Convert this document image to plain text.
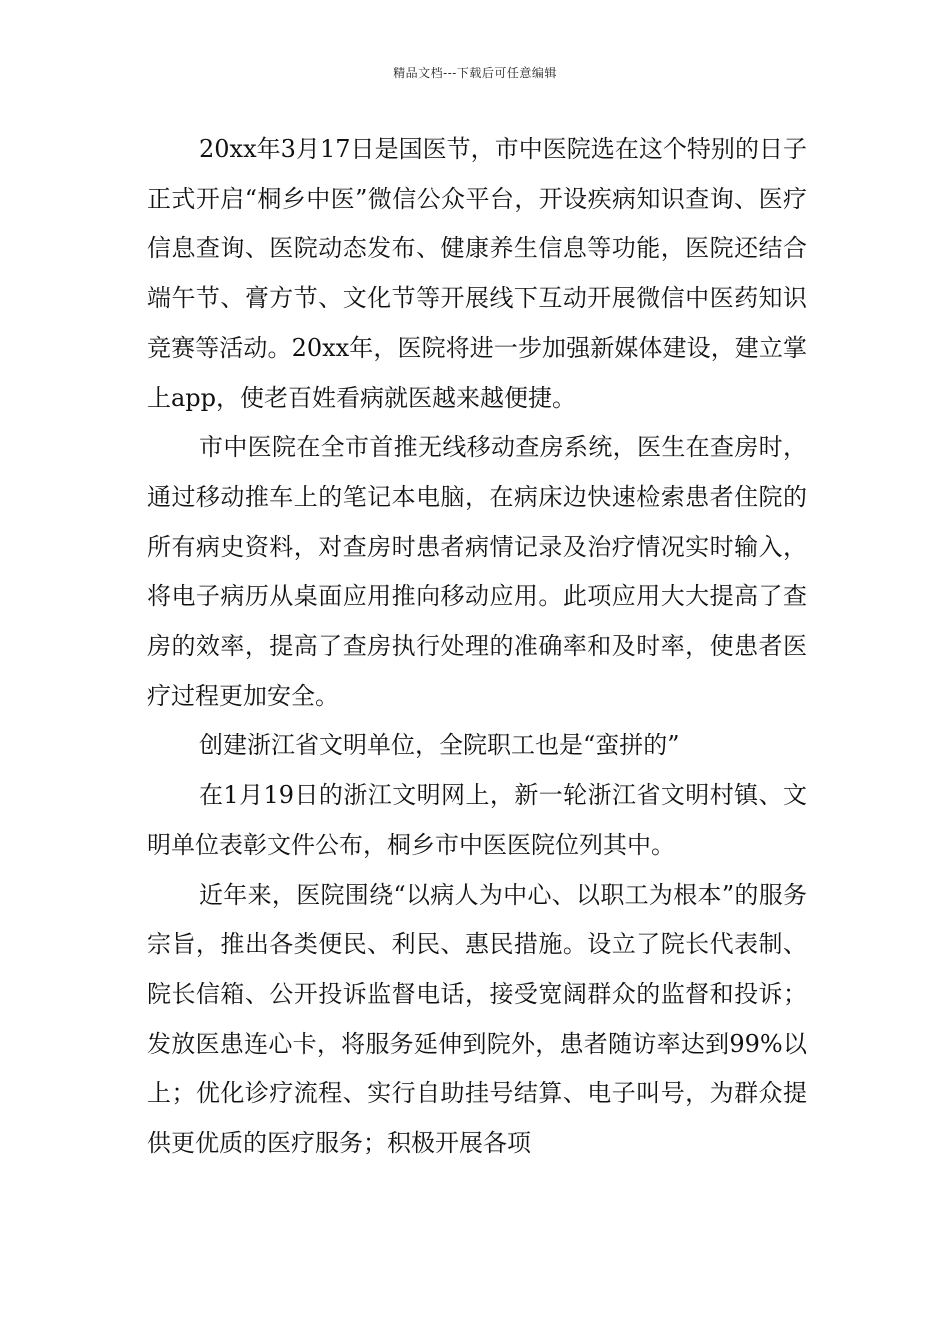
精品文档---下载后可任意编辑

20xx年3月17日是国医节，市中医院选在这个特别的日子正式开启“桐乡中医”微信公众平台，开设疾病知识查询、医疗信息查询、医院动态发布、健康养生信息等功能，医院还结合端午节、膏方节、文化节等开展线下互动开展微信中医药知识竞赛等活动。20xx年，医院将进一步加强新媒体建设，建立掌上app，使老百姓看病就医越来越便捷。

市中医院在全市首推无线移动查房系统，医生在查房时，通过移动推车上的笔记本电脑，在病床边快速检索患者住院的所有病史资料，对查房时患者病情记录及治疗情况实时输入，将电子病历从桌面应用推向移动应用。此项应用大大提高了查房的效率，提高了查房执行处理的准确率和及时率，使患者医疗过程更加安全。

创建浙江省文明单位，全院职工也是“蛮拼的”

在1月19日的浙江文明网上，新一轮浙江省文明村镇、文明单位表彰文件公布，桐乡市中医医院位列其中。

近年来，医院围绕“以病人为中心、以职工为根本”的服务宗旨，推出各类便民、利民、惠民措施。设立了院长代表制、院长信箱、公开投诉监督电话，接受宽阔群众的监督和投诉；发放医患连心卡，将服务延伸到院外，患者随访率达到99%以上；优化诊疗流程、实行自助挂号结算、电子叫号，为群众提供更优质的医疗服务；积极开展各项
